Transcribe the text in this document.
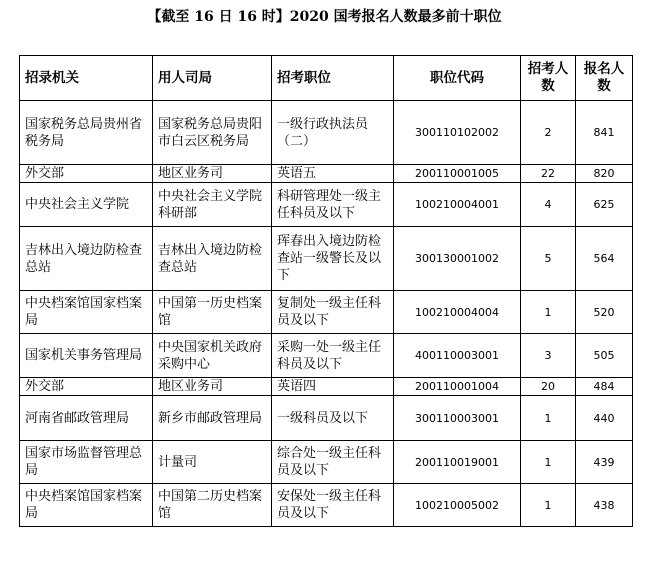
【截至 16 日 16 时】2020 国考报名人数最多前十职位
招录机关	用人司局	招考职位	职位代码	招考人数	报名人数
国家税务总局贵州省税务局	国家税务总局贵阳市白云区税务局	一级行政执法员（二）	300110102002	2	841
外交部	地区业务司	英语五	200110001005	22	820
中央社会主义学院	中央社会主义学院科研部	科研管理处一级主任科员及以下	100210004001	4	625
吉林出入境边防检查总站	吉林出入境边防检查总站	珲春出入境边防检查站一级警长及以下	300130001002	5	564
中央档案馆国家档案局	中国第一历史档案馆	复制处一级主任科员及以下	100210004004	1	520
国家机关事务管理局	中央国家机关政府采购中心	采购一处一级主任科员及以下	400110003001	3	505
外交部	地区业务司	英语四	200110001004	20	484
河南省邮政管理局	新乡市邮政管理局	一级科员及以下	300110003001	1	440
国家市场监督管理总局	计量司	综合处一级主任科员及以下	200110019001	1	439
中央档案馆国家档案局	中国第二历史档案馆	安保处一级主任科员及以下	100210005002	1	438
